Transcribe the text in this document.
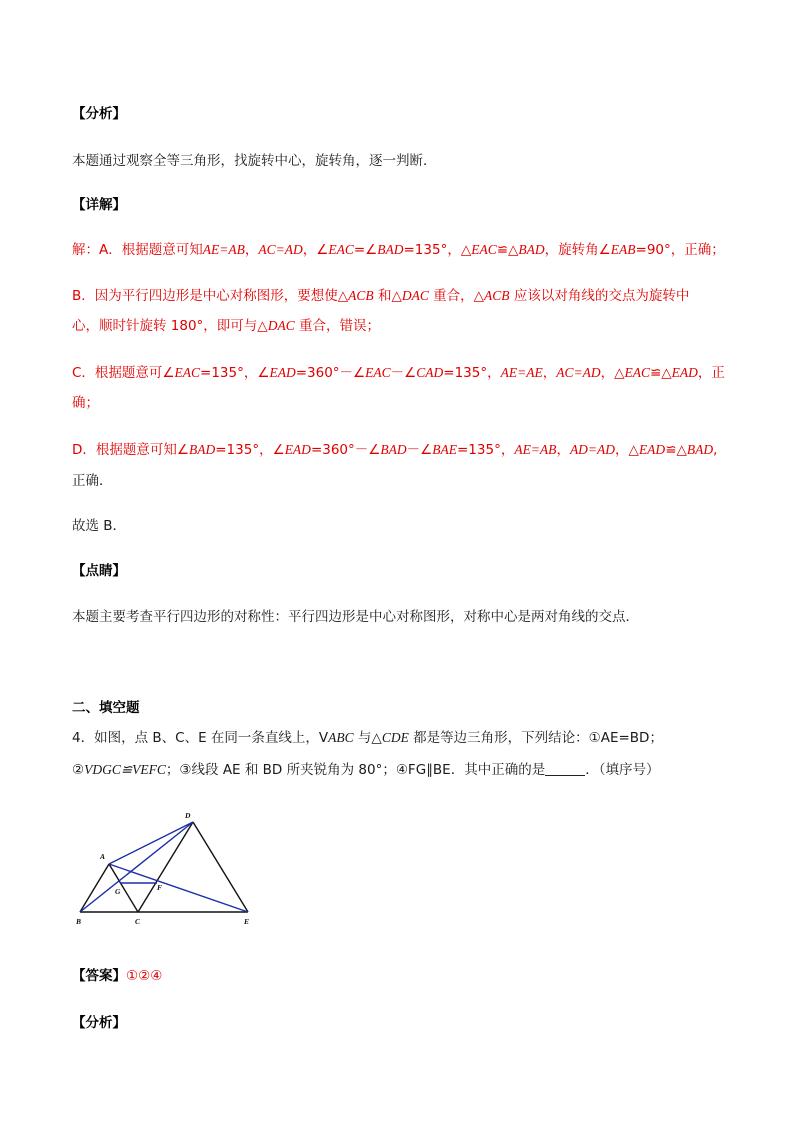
【分析】
本题通过观察全等三角形，找旋转中心，旋转角，逐一判断．
【详解】
解：A．根据题意可知AE=AB，AC=AD，∠EAC=∠BAD=135°，△EAC≌△BAD，旋转角∠EAB=90°，正确；
B．因为平行四边形是中心对称图形，要想使△ACB 和△DAC 重合，△ACB 应该以对角线的交点为旋转中
心，顺时针旋转 180°，即可与△DAC 重合，错误；
C．根据题意可∠EAC=135°，∠EAD=360°－∠EAC－∠CAD=135°，AE=AE，AC=AD，△EAC≌△EAD，正
确；
D．根据题意可知∠BAD=135°，∠EAD=360°－∠BAD－∠BAE=135°，AE=AB，AD=AD，△EAD≌△BAD,
正确．
故选 B．
【点睛】
本题主要考查平行四边形的对称性：平行四边形是中心对称图形，对称中心是两对角线的交点．
二、填空题
4．如图，点 B、C、E 在同一条直线上，VABC 与△CDE 都是等边三角形，下列结论：①AE=BD；
②VDGC≌VEFC；③线段 AE 和 BD 所夹锐角为 80°；④FG∥BE．其中正确的是	．（填序号）
A
B	C
D
E
F
G
【答案】①②④
【分析】
